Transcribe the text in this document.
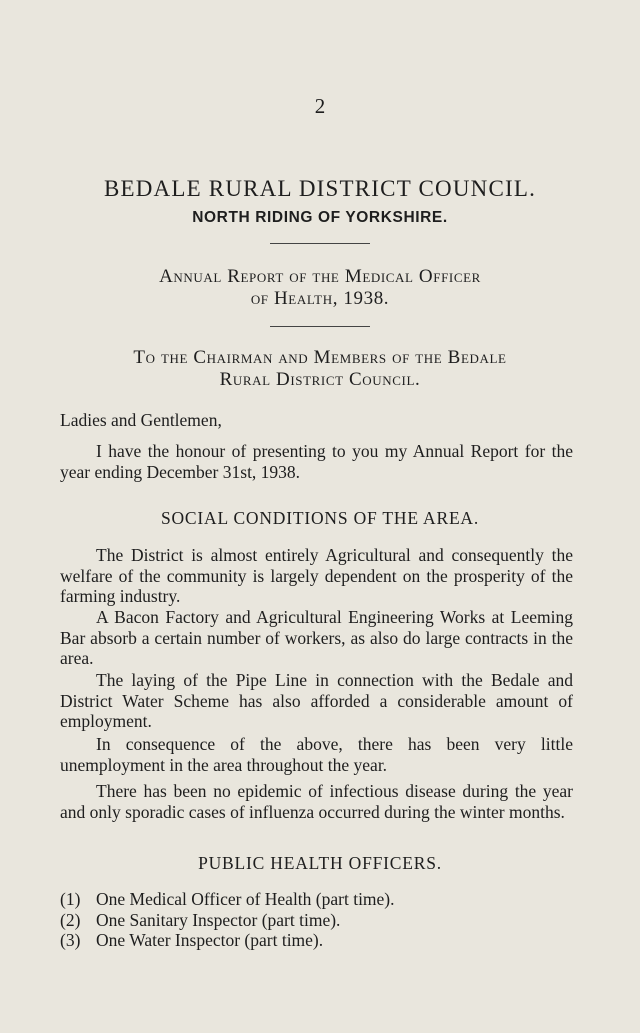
2
BEDALE RURAL DISTRICT COUNCIL.
NORTH RIDING OF YORKSHIRE.
Annual Report of the Medical Officer
of Health, 1938.
To the Chairman and Members of the Bedale
Rural District Council.
Ladies and Gentlemen,
I have the honour of presenting to you my Annual Report for the year ending December 31st, 1938.
SOCIAL CONDITIONS OF THE AREA.
The District is almost entirely Agricultural and consequently the welfare of the community is largely dependent on the prosperity of the farming industry.
A Bacon Factory and Agricultural Engineering Works at Leeming Bar absorb a certain number of workers, as also do large contracts in the area.
The laying of the Pipe Line in connection with the Bedale and District Water Scheme has also afforded a considerable amount of employment.
In consequence of the above, there has been very little unemployment in the area throughout the year.
There has been no epidemic of infectious disease during the year and only sporadic cases of influenza occurred during the winter months.
PUBLIC HEALTH OFFICERS.
(1) One Medical Officer of Health (part time).
(2) One Sanitary Inspector (part time).
(3) One Water Inspector (part time).
